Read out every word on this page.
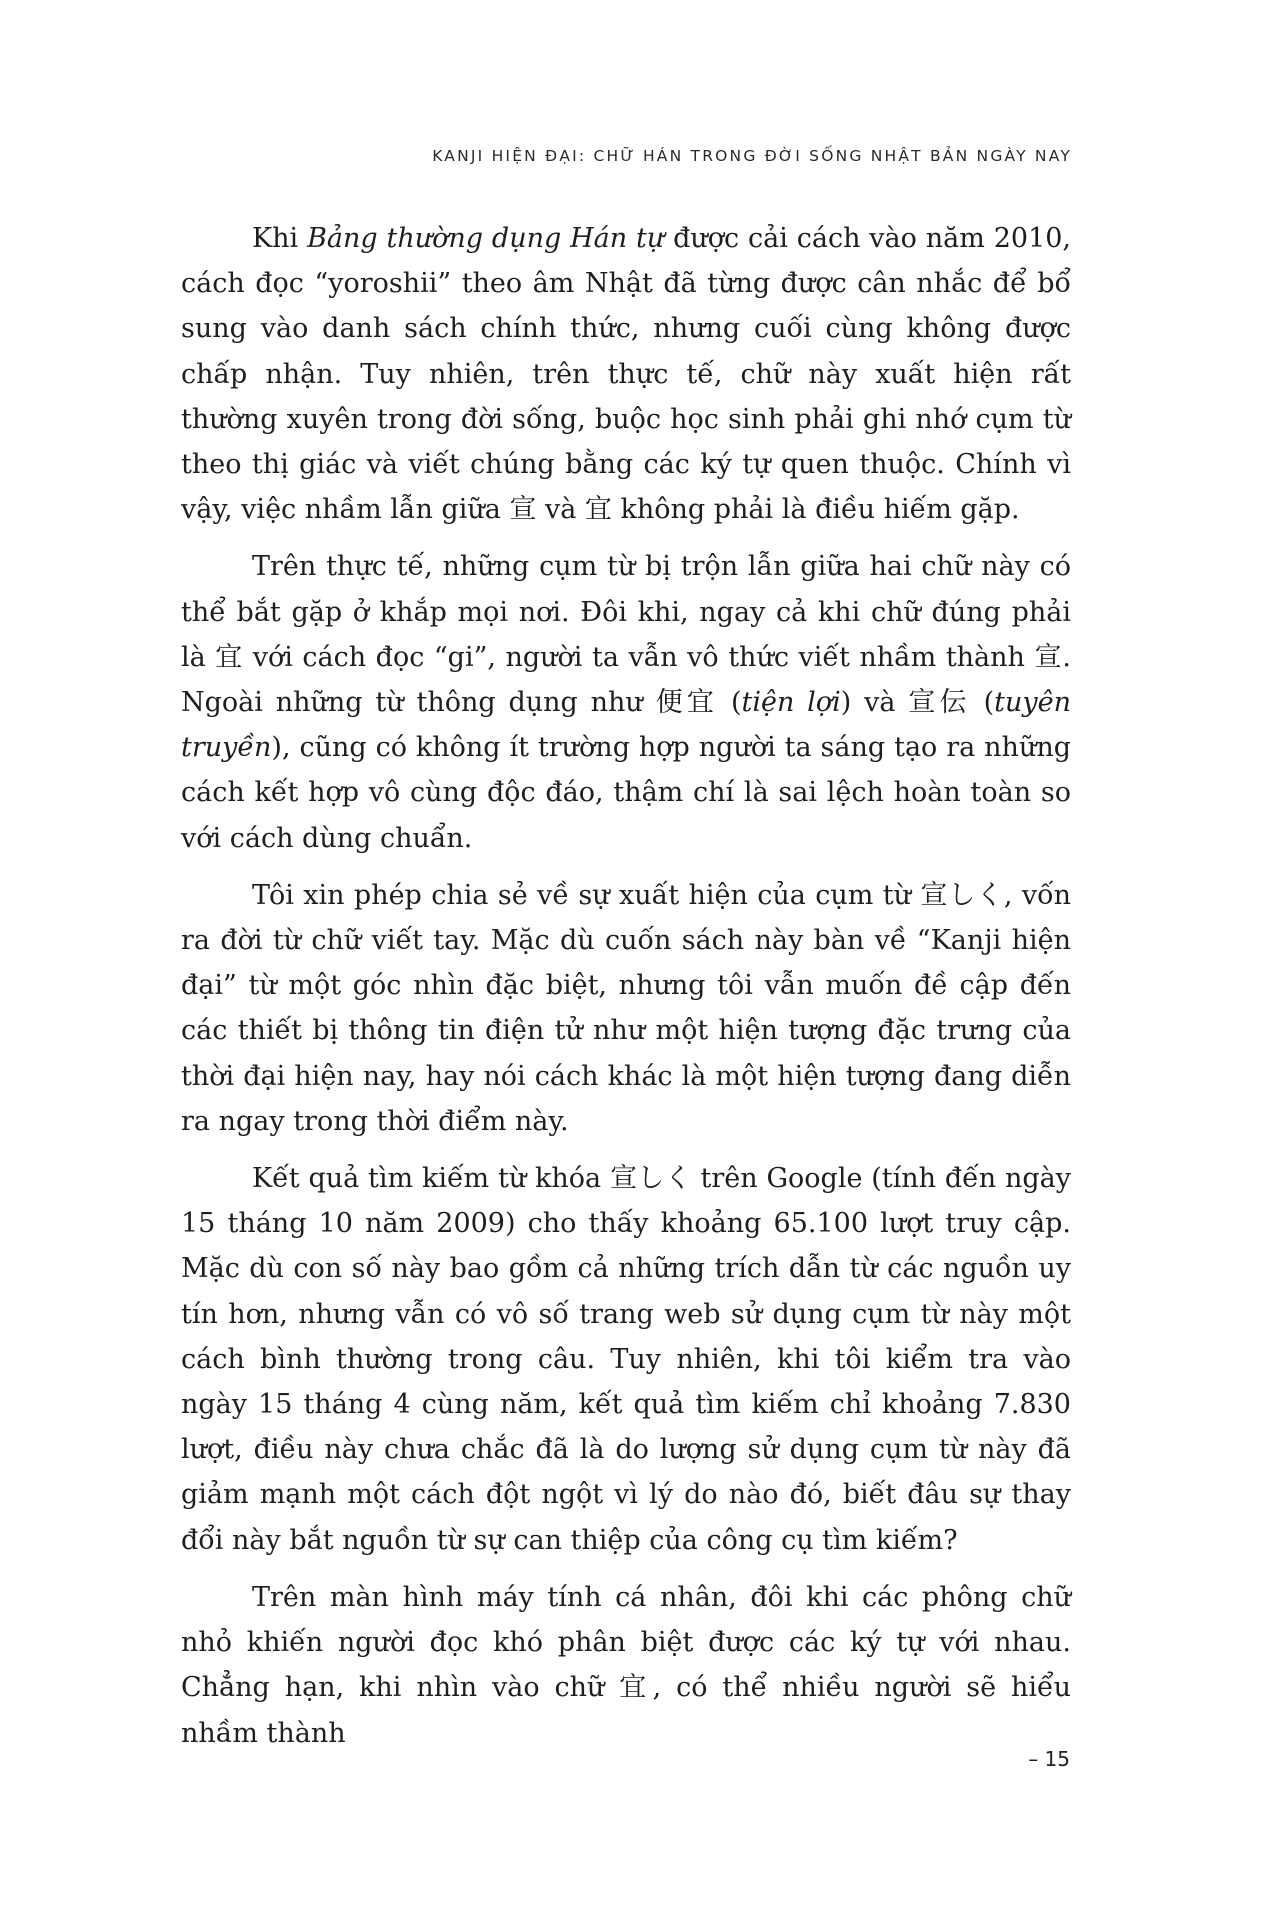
KANJI HIỆN ĐẠI: CHỮ HÁN TRONG ĐỜI SỐNG NHẬT BẢN NGÀY NAY

Khi Bảng thường dụng Hán tự được cải cách vào năm 2010, cách đọc “yoroshii” theo âm Nhật đã từng được cân nhắc để bổ sung vào danh sách chính thức, nhưng cuối cùng không được chấp nhận. Tuy nhiên, trên thực tế, chữ này xuất hiện rất thường xuyên trong đời sống, buộc học sinh phải ghi nhớ cụm từ theo thị giác và viết chúng bằng các ký tự quen thuộc. Chính vì vậy, việc nhầm lẫn giữa 宣 và 宜 không phải là điều hiếm gặp.

Trên thực tế, những cụm từ bị trộn lẫn giữa hai chữ này có thể bắt gặp ở khắp mọi nơi. Đôi khi, ngay cả khi chữ đúng phải là 宜 với cách đọc “gi”, người ta vẫn vô thức viết nhầm thành 宣. Ngoài những từ thông dụng như 便宜 (tiện lợi) và 宣伝 (tuyên truyền), cũng có không ít trường hợp người ta sáng tạo ra những cách kết hợp vô cùng độc đáo, thậm chí là sai lệch hoàn toàn so với cách dùng chuẩn.

Tôi xin phép chia sẻ về sự xuất hiện của cụm từ 宣しく, vốn ra đời từ chữ viết tay. Mặc dù cuốn sách này bàn về “Kanji hiện đại” từ một góc nhìn đặc biệt, nhưng tôi vẫn muốn đề cập đến các thiết bị thông tin điện tử như một hiện tượng đặc trưng của thời đại hiện nay, hay nói cách khác là một hiện tượng đang diễn ra ngay trong thời điểm này.

Kết quả tìm kiếm từ khóa 宣しく trên Google (tính đến ngày 15 tháng 10 năm 2009) cho thấy khoảng 65.100 lượt truy cập. Mặc dù con số này bao gồm cả những trích dẫn từ các nguồn uy tín hơn, nhưng vẫn có vô số trang web sử dụng cụm từ này một cách bình thường trong câu. Tuy nhiên, khi tôi kiểm tra vào ngày 15 tháng 4 cùng năm, kết quả tìm kiếm chỉ khoảng 7.830 lượt, điều này chưa chắc đã là do lượng sử dụng cụm từ này đã giảm mạnh một cách đột ngột vì lý do nào đó, biết đâu sự thay đổi này bắt nguồn từ sự can thiệp của công cụ tìm kiếm?

Trên màn hình máy tính cá nhân, đôi khi các phông chữ nhỏ khiến người đọc khó phân biệt được các ký tự với nhau. Chẳng hạn, khi nhìn vào chữ 宜, có thể nhiều người sẽ hiểu nhầm thành

– 15
